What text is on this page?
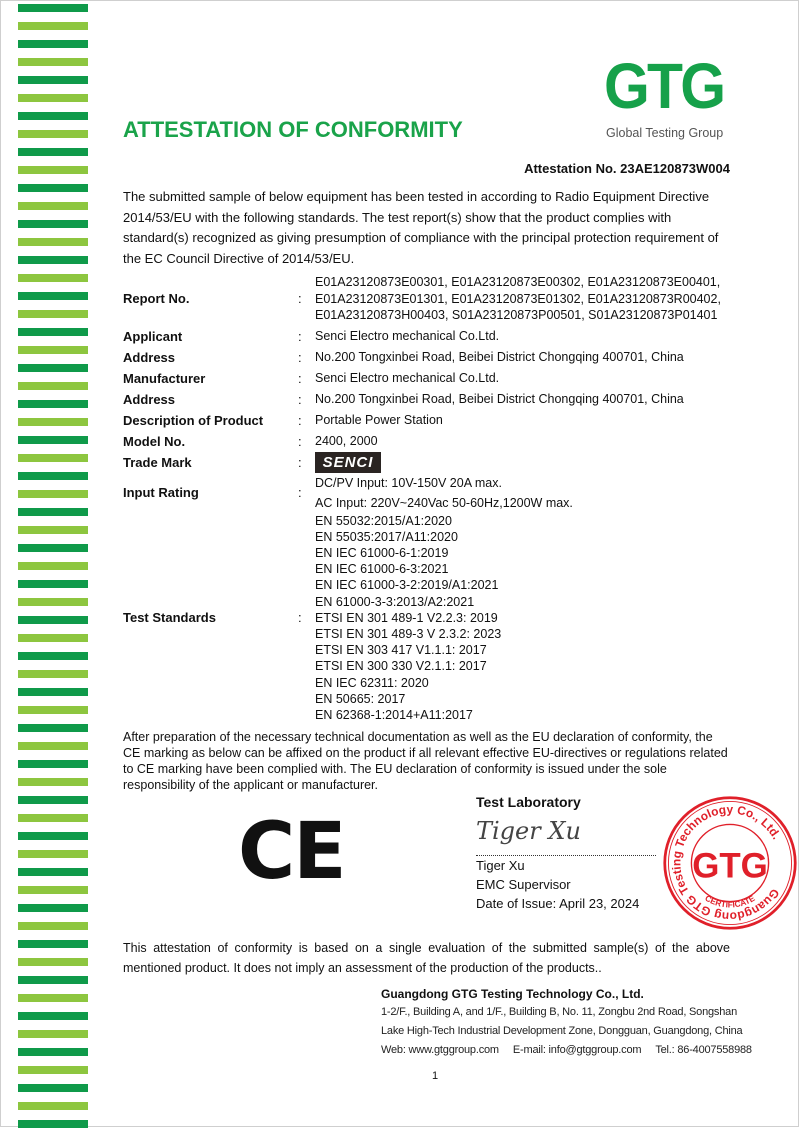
GTG
Global Testing Group
ATTESTATION OF CONFORMITY
Attestation No. 23AE120873W004
The submitted sample of below equipment has been tested in according to Radio Equipment Directive 2014/53/EU with the following standards. The test report(s) show that the product complies with standard(s) recognized as giving presumption of compliance with the principal protection requirement of the EC Council Directive of 2014/53/EU.
Report No.	:
E01A23120873E00301, E01A23120873E00302, E01A23120873E00401, E01A23120873E01301, E01A23120873E01302, E01A23120873R00402, E01A23120873H00403, S01A23120873P00501, S01A23120873P01401
Applicant	:	Senci Electro mechanical Co.Ltd.
Address	:	No.200 Tongxinbei Road, Beibei District Chongqing 400701, China
Manufacturer	:	Senci Electro mechanical Co.Ltd.
Address	:	No.200 Tongxinbei Road, Beibei District Chongqing 400701, China
Description of Product	:	Portable Power Station
Model No.	:	2400, 2000
Trade Mark	:	SENCI
Input Rating	:
DC/PV Input: 10V-150V 20A max.
AC Input: 220V~240Vac 50-60Hz,1200W max.
Test Standards	:
EN 55032:2015/A1:2020
EN 55035:2017/A11:2020
EN IEC 61000-6-1:2019
EN IEC 61000-6-3:2021
EN IEC 61000-3-2:2019/A1:2021
EN 61000-3-3:2013/A2:2021
ETSI EN 301 489-1 V2.2.3: 2019
ETSI EN 301 489-3 V 2.3.2: 2023
ETSI EN 303 417 V1.1.1: 2017
ETSI EN 300 330 V2.1.1: 2017
EN IEC 62311: 2020
EN 50665: 2017
EN 62368-1:2014+A11:2017
After preparation of the necessary technical documentation as well as the EU declaration of conformity, the CE marking as below can be affixed on the product if all relevant effective EU-directives or regulations related to CE marking have been complied with. The EU declaration of conformity is issued under the sole responsibility of the applicant or manufacturer.
CE
Test Laboratory
Tiger Xu
Tiger Xu
EMC Supervisor
Date of Issue: April 23, 2024
Guangdong GTG Testing Technology Co., Ltd.
GTG
CERTIFICATE
This attestation of conformity is based on a single evaluation of the submitted sample(s) of the above
mentioned product. It does not imply an assessment of the production of the products..
Guangdong GTG Testing Technology Co., Ltd.
1-2/F., Building A, and 1/F., Building B, No. 11, Zongbu 2nd Road, Songshan
Lake High-Tech Industrial Development Zone, Dongguan, Guangdong, China
Web: www.gtggroup.com E-mail: info@gtggroup.com Tel.: 86-4007558988
1
